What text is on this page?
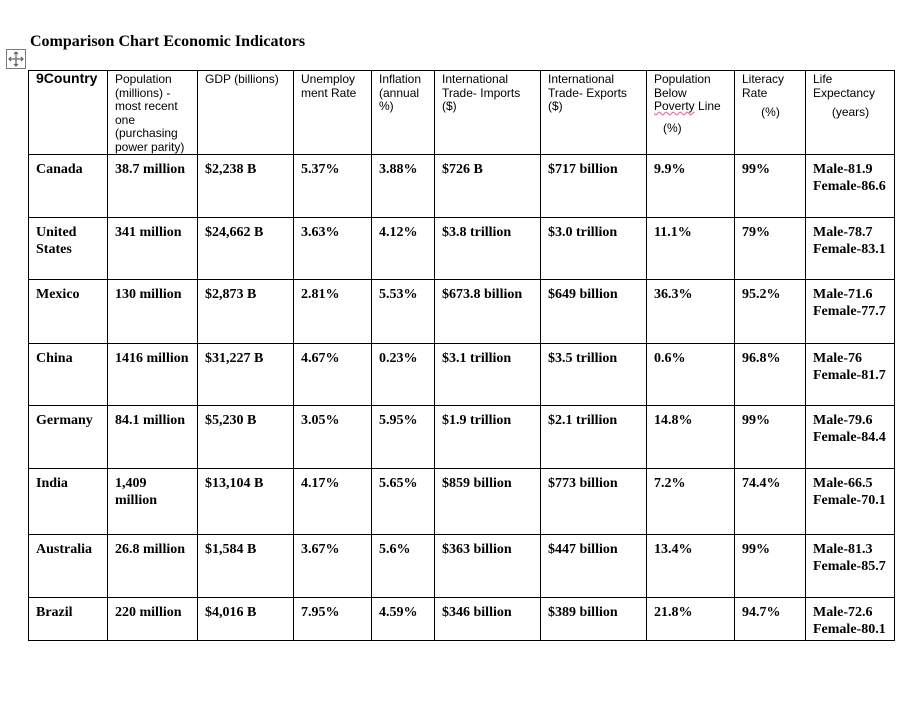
Comparison Chart Economic Indicators
9Country	Population (millions) -most recent one (purchasing power parity)	GDP (billions)	Unemploy ment Rate	Inflation (annual %)	International Trade- Imports ($)	International Trade- Exports ($)	Population Below
Poverty Line
(%)	Literacy Rate
(%)	Life Expectancy
(years)

Canada	38.7 million	$2,238 B	5.37%	3.88%	$726 B	$717 billion	9.9%	99%	Male-81.9
Female-86.6

United States	341 million	$24,662 B	3.63%	4.12%	$3.8 trillion	$3.0 trillion	11.1%	79%	Male-78.7
Female-83.1

Mexico	130 million	$2,873 B	2.81%	5.53%	$673.8 billion	$649 billion	36.3%	95.2%	Male-71.6
Female-77.7

China	1416 million	$31,227 B	4.67%	0.23%	$3.1 trillion	$3.5 trillion	0.6%	96.8%	Male-76
Female-81.7

Germany	84.1 million	$5,230 B	3.05%	5.95%	$1.9 trillion	$2.1 trillion	14.8%	99%	Male-79.6
Female-84.4

India	1,409 million	$13,104 B	4.17%	5.65%	$859 billion	$773 billion	7.2%	74.4%	Male-66.5
Female-70.1

Australia	26.8 million	$1,584 B	3.67%	5.6%	$363 billion	$447 billion	13.4%	99%	Male-81.3
Female-85.7

Brazil	220 million	$4,016 B	7.95%	4.59%	$346 billion	$389 billion	21.8%	94.7%	Male-72.6
Female-80.1
